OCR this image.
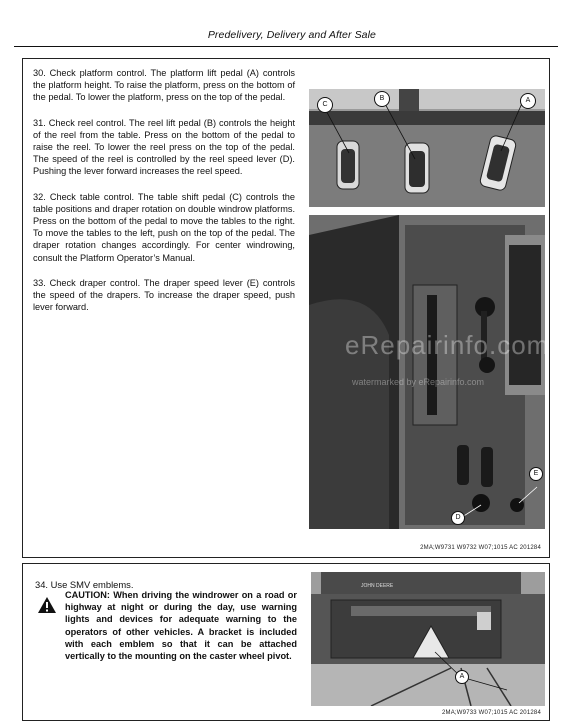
Predelivery, Delivery and After Sale

30. Check platform control. The platform lift pedal (A) controls the platform height. To raise the platform, press on the bottom of the pedal. To lower the platform, press on the top of the pedal.

31. Check reel control. The reel lift pedal (B) controls the height of the reel from the table. Press on the bottom of the pedal to raise the reel. To lower the reel press on the top of the pedal. The speed of the reel is controlled by the reel speed lever (D). Pushing the lever forward increases the reel speed.

32. Check table control. The table shift pedal (C) controls the table positions and draper rotation on double windrow platforms. Press on the bottom of the pedal to move the tables to the right. To move the tables to the left, push on the top of the pedal. The draper rotation changes accordingly. For center windrowing, consult the Platform Operator’s Manual.

33. Check draper control. The draper speed lever (E) controls the speed of the drapers. To increase the draper speed, push lever forward.

C
B	A
E
D
2MA;W9731 W9732 W07;1015 AC 201284
eRepairinfo.com
watermarked by eRepairinfo.com
34. Use SMV emblems.
CAUTION: When driving the windrower on a road or highway at night or during the day, use warning lights and devices for adequate warning to the operators of other vehicles. A bracket is included with each emblem so that it can be attached vertically to the mounting on the caster wheel pivot.
JOHN DEERE
A
2MA;W9733 W07;1015 AC 201284
